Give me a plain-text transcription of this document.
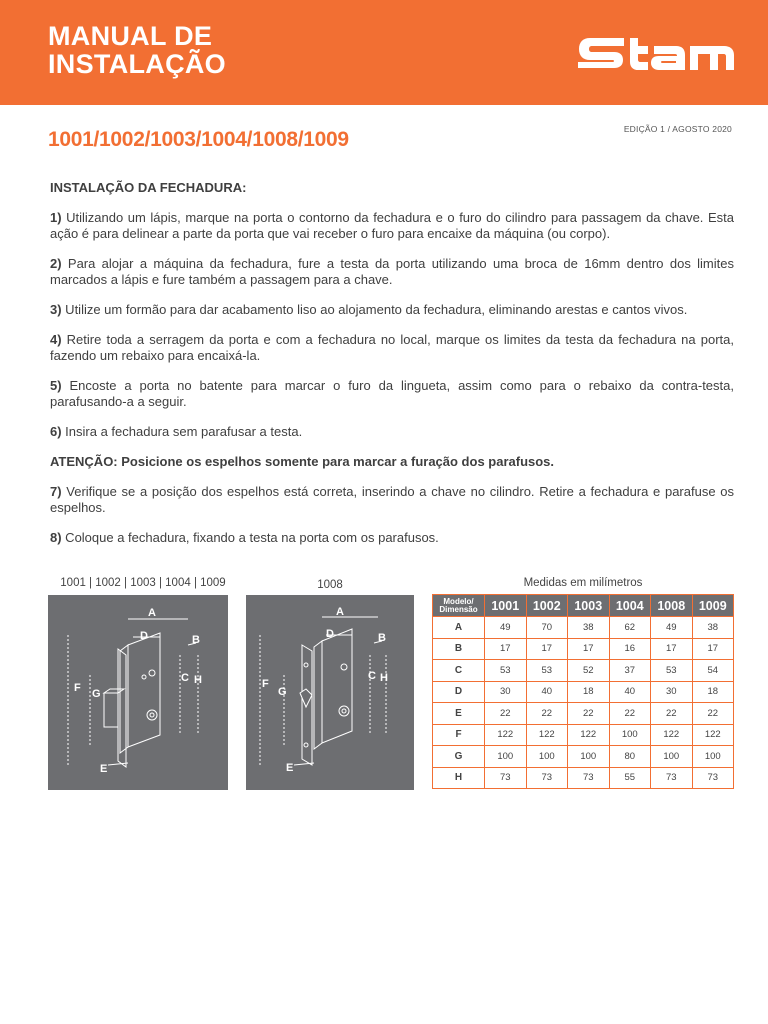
MANUAL DE
INSTALAÇÃO
1001/1002/1003/1004/1008/1009	EDIÇÃO 1 / AGOSTO 2020
INSTALAÇÃO DA FECHADURA:
1) Utilizando um lápis, marque na porta o contorno da fechadura e o furo do cilindro para passagem da chave. Esta ação é para delinear a parte da porta que vai receber o furo para encaixe da máquina (ou corpo).
2) Para alojar a máquina da fechadura, fure a testa da porta utilizando uma broca de 16mm dentro dos limites marcados a lápis e fure também a passagem para a chave.
3) Utilize um formão para dar acabamento liso ao alojamento da fechadura, eliminando arestas e cantos vivos.
4) Retire toda a serragem da porta e com a fechadura no local, marque os limites da testa da fechadura na porta, fazendo um rebaixo para encaixá-la.
5) Encoste a porta no batente para marcar o furo da lingueta, assim como para o rebaixo da contra-testa, parafusando-a a seguir.
6) Insira a fechadura sem parafusar a testa.
ATENÇÃO: Posicione os espelhos somente para marcar a furação dos parafusos.
7) Verifique se a posição dos espelhos está correta, inserindo a chave no cilindro. Retire a fechadura e parafuse os espelhos.
8) Coloque a fechadura, fixando a testa na porta com os parafusos.
1001 | 1002 | 1003 | 1004 | 1009	1008
A
B
C
D
E
F G
H
A
B
C
D
E
F
G
H
Medidas em milímetros
Modelo/
Dimensão	1001	1002	1003	1004	1008	1009
A	49	70	38	62	49	38
B	17	17	17	16	17	17
C	53	53	52	37	53	54
D	30	40	18	40	30	18
E	22	22	22	22	22	22
F	122	122	122	100	122	122
G	100	100	100	80	100	100
H	73	73	73	55	73	73
